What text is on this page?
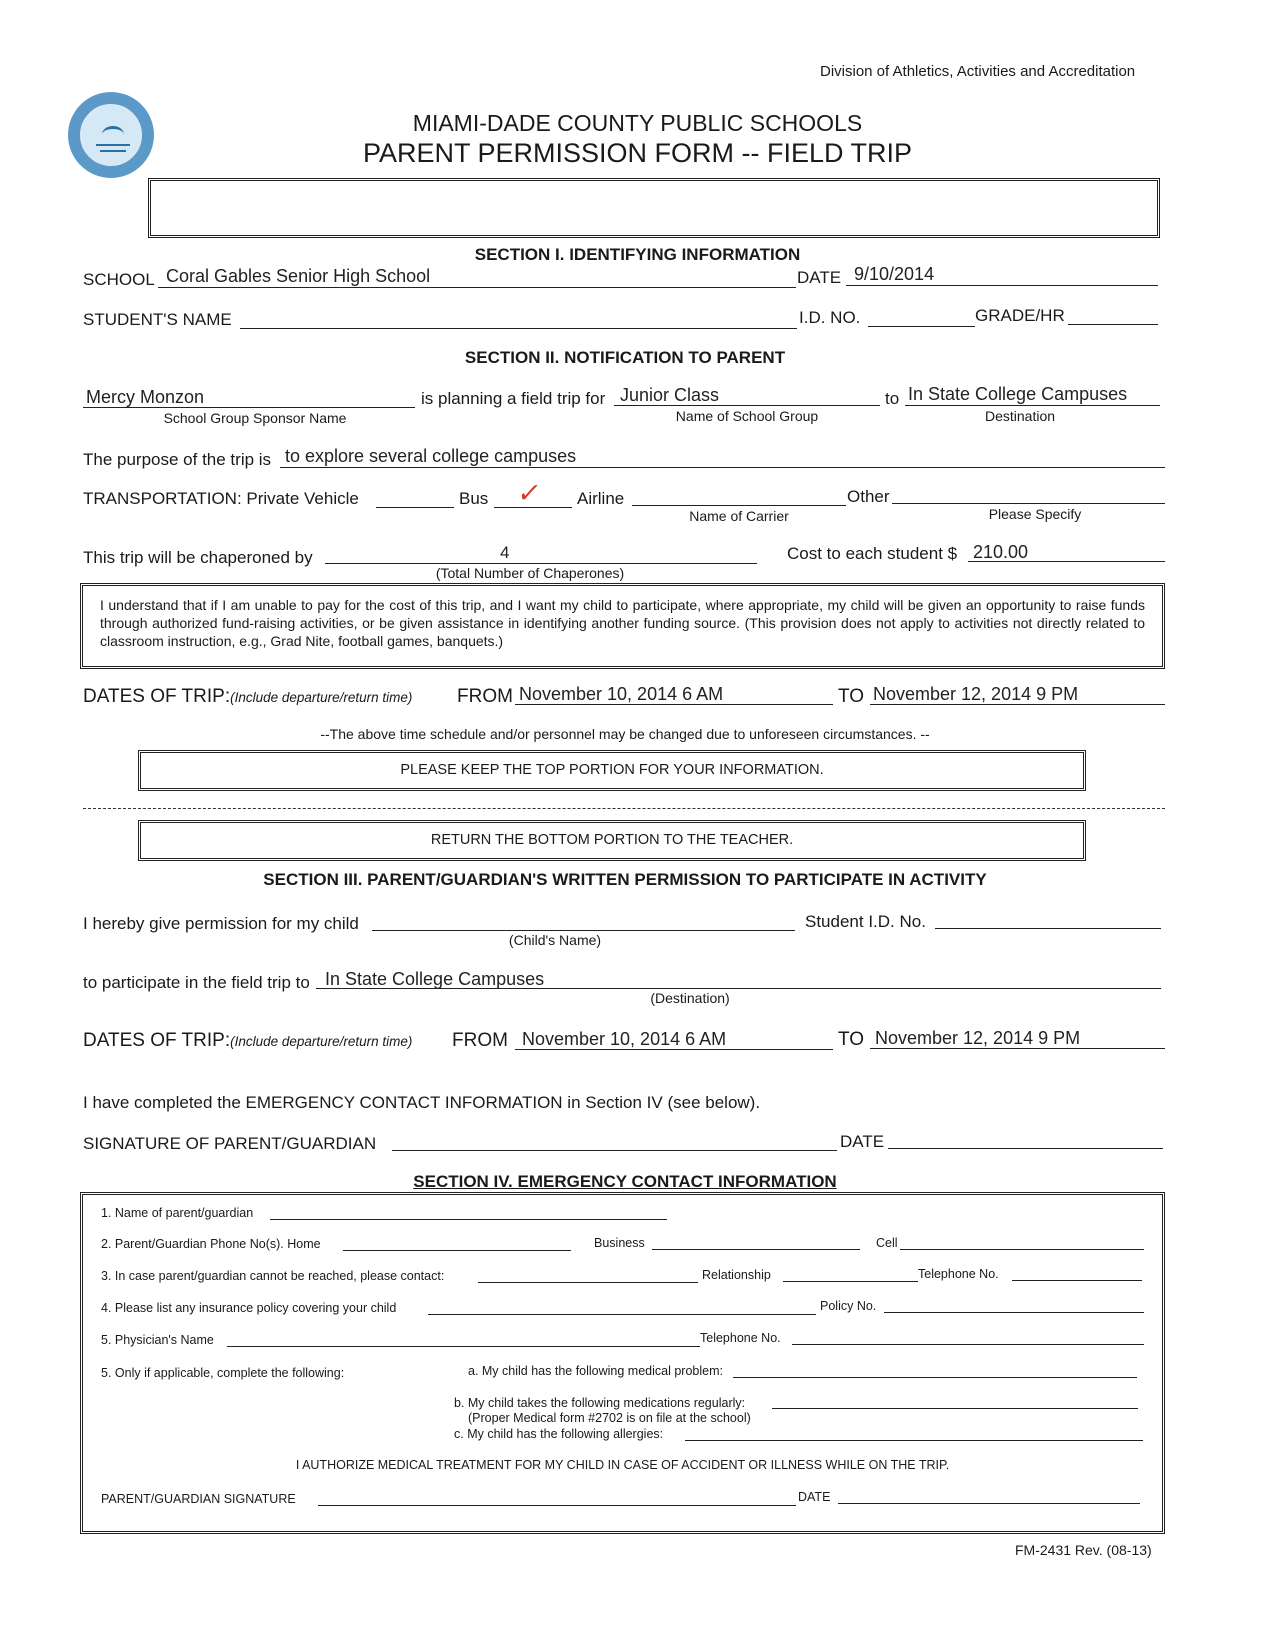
Division of Athletics, Activities and Accreditation
MIAMI-DADE COUNTY PUBLIC SCHOOLS
PARENT PERMISSION FORM -- FIELD TRIP
SECTION I. IDENTIFYING INFORMATION
SCHOOL Coral Gables Senior High School	DATE 9/10/2014
STUDENT'S NAME	I.D. NO.	GRADE/HR
SECTION II. NOTIFICATION TO PARENT
Mercy Monzon
School Group Sponsor Name
is planning a field trip for Junior Class
Name of School Group
to In State College Campuses
Destination
The purpose of the trip is to explore several college campuses
TRANSPORTATION: Private Vehicle	Bus ✓ Airline
Name of Carrier
Other
Please Specify
This trip will be chaperoned by	4
(Total Number of Chaperones)
Cost to each student $ 210.00
I understand that if I am unable to pay for the cost of this trip, and I want my child to participate, where appropriate, my child will be given an opportunity to raise funds through authorized fund-raising activities, or be given assistance in identifying another funding source. (This provision does not apply to activities not directly related to classroom instruction, e.g., Grad Nite, football games, banquets.)
DATES OF TRIP:(Include departure/return time) FROM November 10, 2014 6 AM	TO November 12, 2014 9 PM
--The above time schedule and/or personnel may be changed due to unforeseen circumstances. --
PLEASE KEEP THE TOP PORTION FOR YOUR INFORMATION.
RETURN THE BOTTOM PORTION TO THE TEACHER.
SECTION III. PARENT/GUARDIAN'S WRITTEN PERMISSION TO PARTICIPATE IN ACTIVITY
I hereby give permission for my child
(Child's Name)
Student I.D. No.
to participate in the field trip to In State College Campuses
(Destination)
DATES OF TRIP:(Include departure/return time) FROM November 10, 2014 6 AM	TO November 12, 2014 9 PM
I have completed the EMERGENCY CONTACT INFORMATION in Section IV (see below).
SIGNATURE OF PARENT/GUARDIAN	DATE
SECTION IV. EMERGENCY CONTACT INFORMATION
1. Name of parent/guardian
2. Parent/Guardian Phone No(s). Home	Business	Cell
3. In case parent/guardian cannot be reached, please contact:	Relationship	Telephone No.
4. Please list any insurance policy covering your child	Policy No.
5. Physician's Name	Telephone No.
5. Only if applicable, complete the following:	a. My child has the following medical problem:
b. My child takes the following medications regularly:
(Proper Medical form #2702 is on file at the school)
c. My child has the following allergies:
I AUTHORIZE MEDICAL TREATMENT FOR MY CHILD IN CASE OF ACCIDENT OR ILLNESS WHILE ON THE TRIP.
PARENT/GUARDIAN SIGNATURE	DATE
FM-2431 Rev. (08-13)
